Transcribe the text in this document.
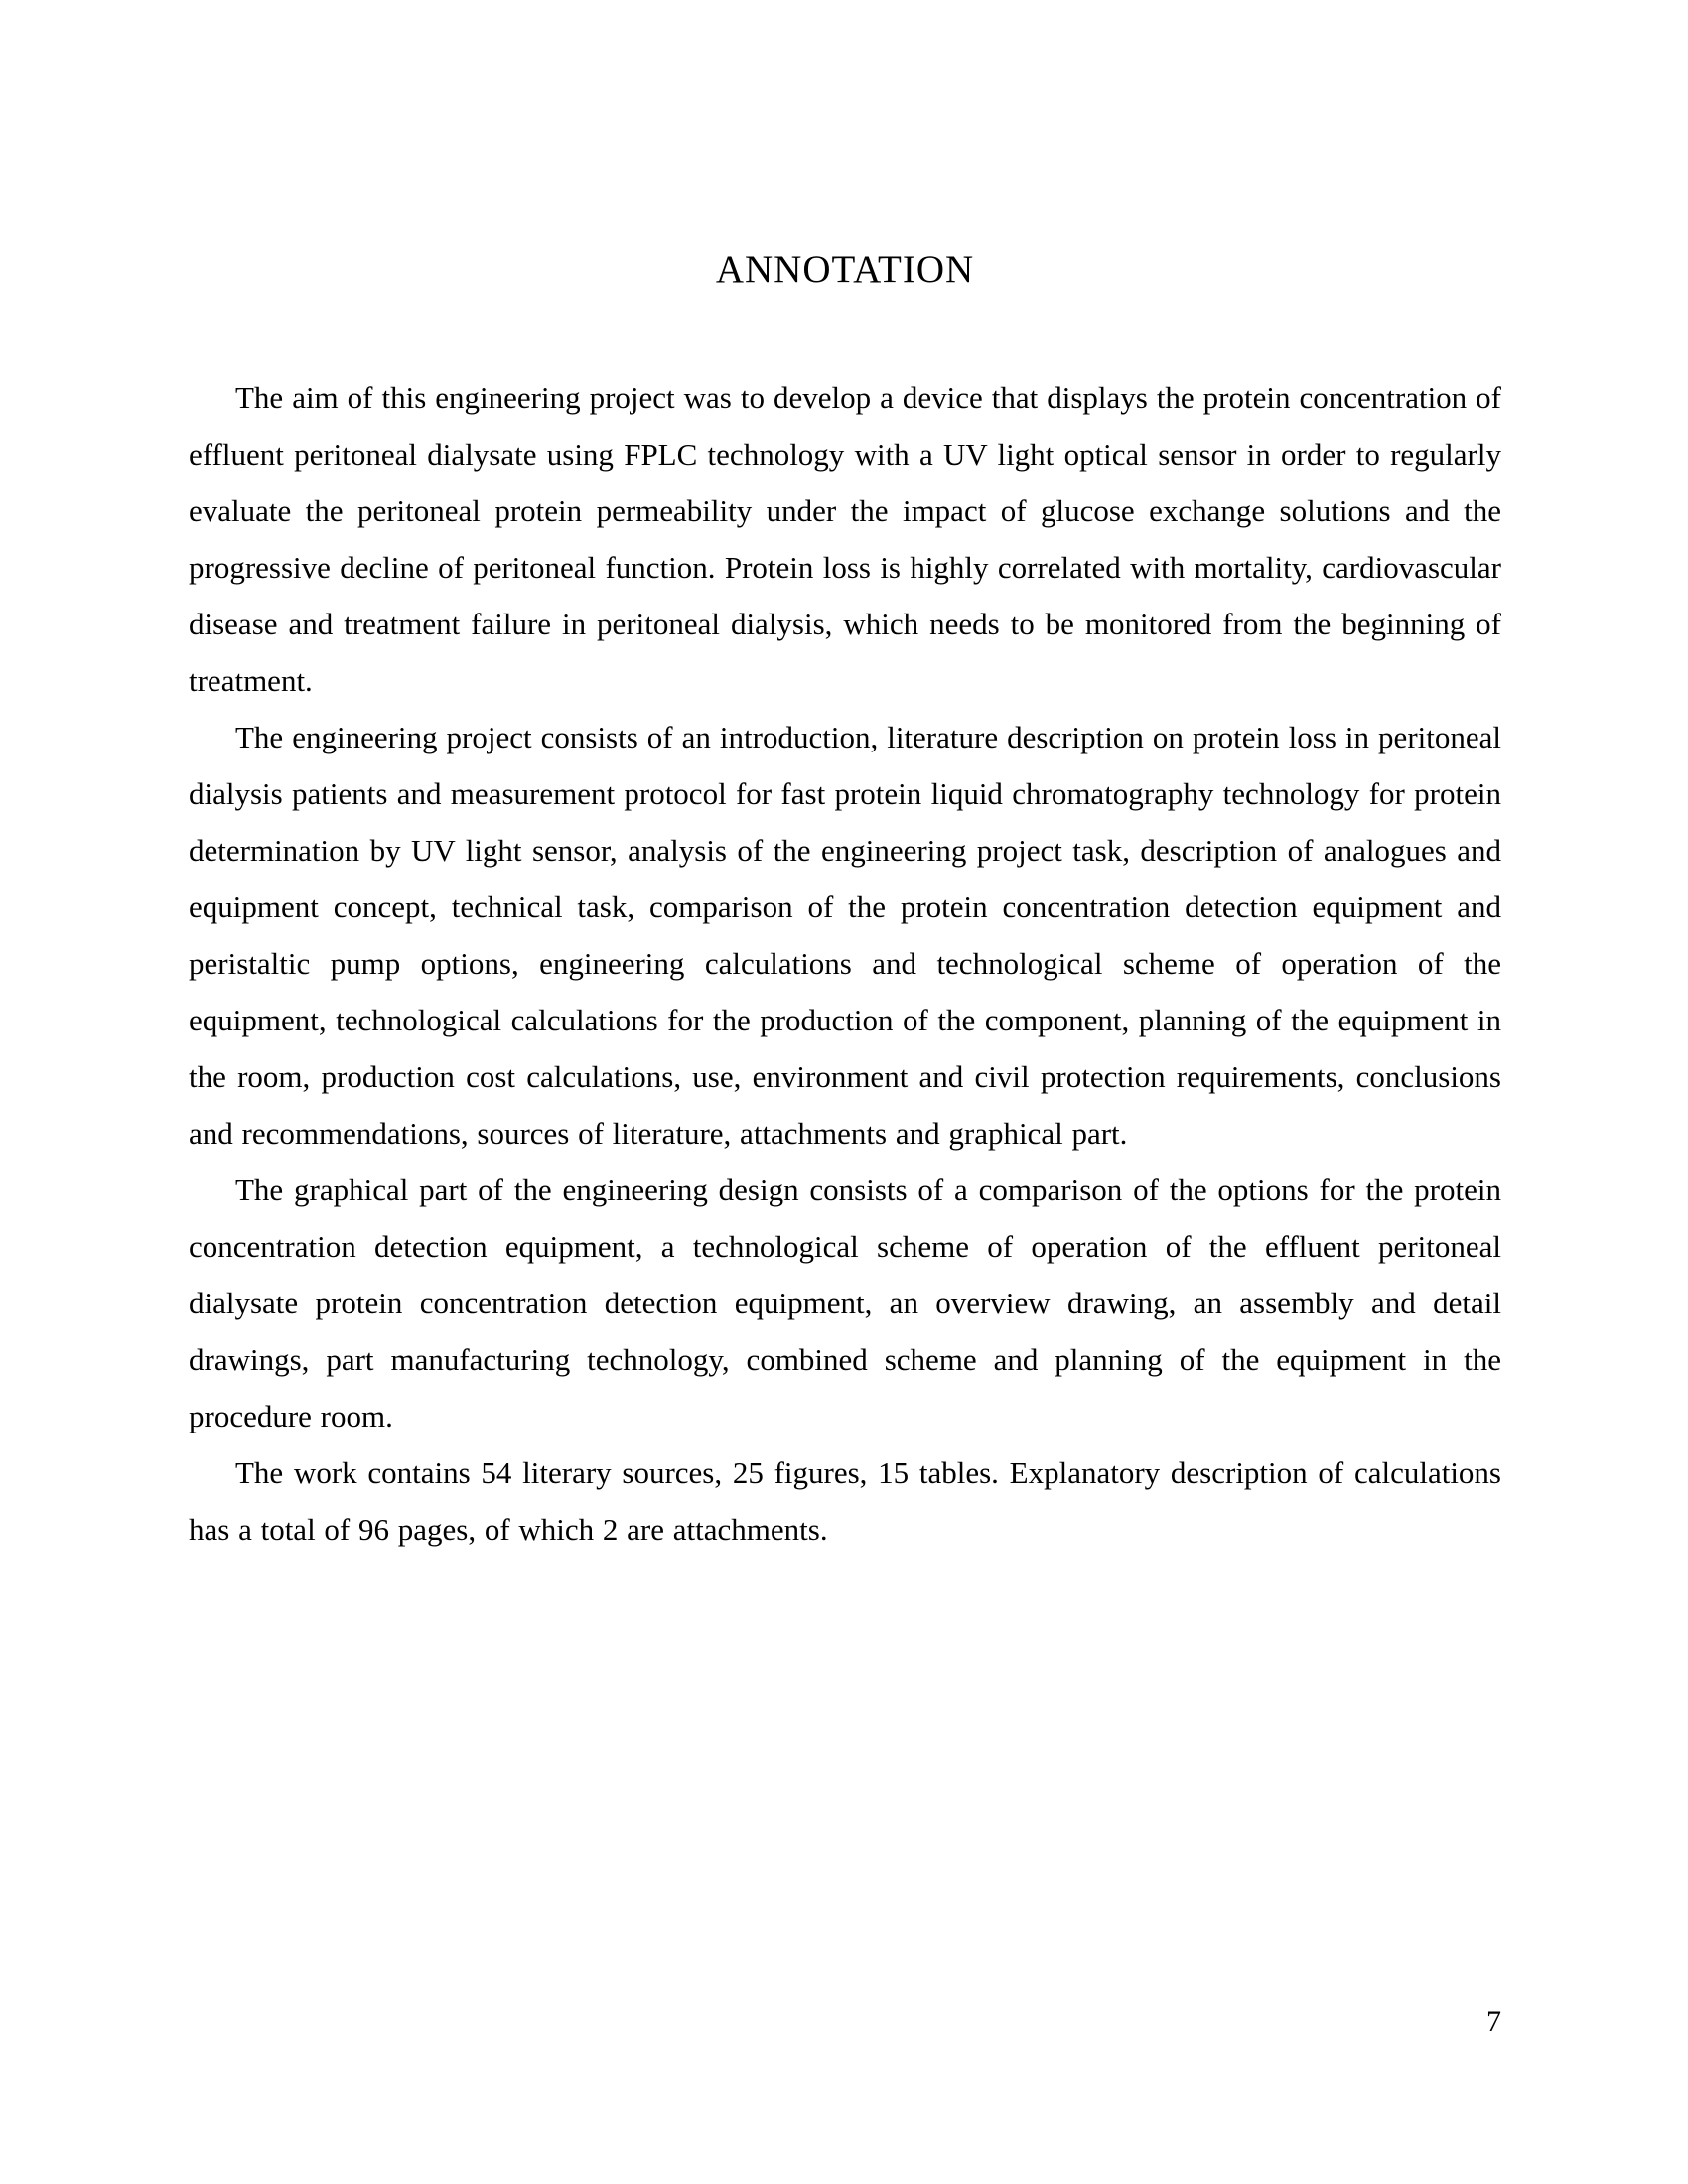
ANNOTATION

The aim of this engineering project was to develop a device that displays the protein concentration of effluent peritoneal dialysate using FPLC technology with a UV light optical sensor in order to regularly evaluate the peritoneal protein permeability under the impact of glucose exchange solutions and the progressive decline of peritoneal function. Protein loss is highly correlated with mortality, cardiovascular disease and treatment failure in peritoneal dialysis, which needs to be monitored from the beginning of treatment.

The engineering project consists of an introduction, literature description on protein loss in peritoneal dialysis patients and measurement protocol for fast protein liquid chromatography technology for protein determination by UV light sensor, analysis of the engineering project task, description of analogues and equipment concept, technical task, comparison of the protein concentration detection equipment and peristaltic pump options, engineering calculations and technological scheme of operation of the equipment, technological calculations for the production of the component, planning of the equipment in the room, production cost calculations, use, environment and civil protection requirements, conclusions and recommendations, sources of literature, attachments and graphical part.

The graphical part of the engineering design consists of a comparison of the options for the protein concentration detection equipment, a technological scheme of operation of the effluent peritoneal dialysate protein concentration detection equipment, an overview drawing, an assembly and detail drawings, part manufacturing technology, combined scheme and planning of the equipment in the procedure room.

The work contains 54 literary sources, 25 figures, 15 tables. Explanatory description of calculations has a total of 96 pages, of which 2 are attachments.

7
